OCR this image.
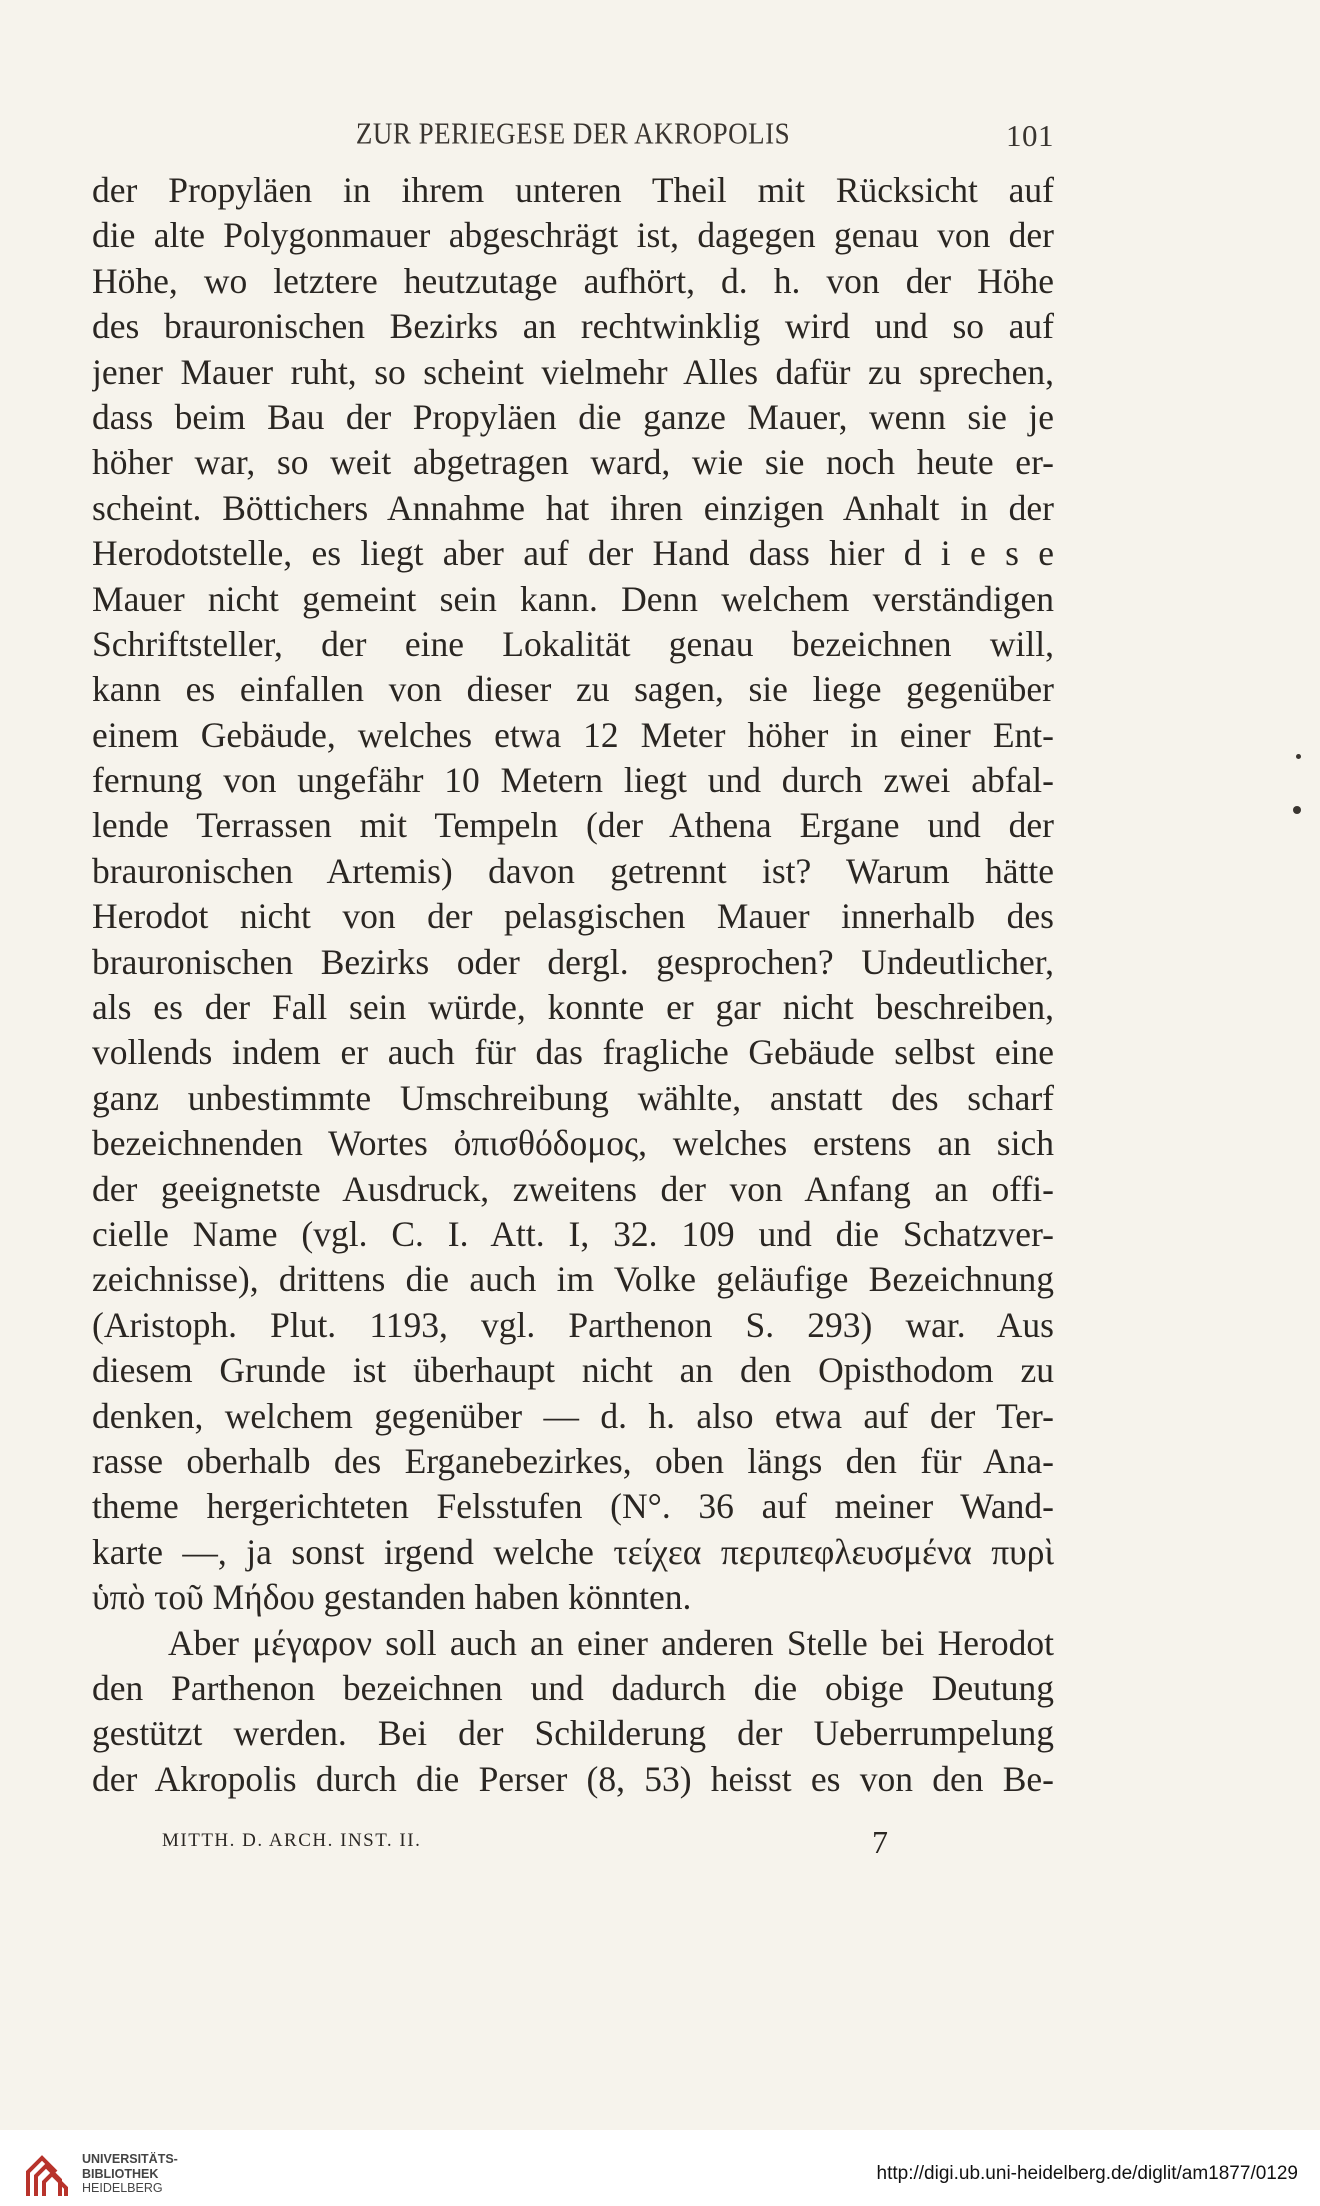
ZUR PERIEGESE DER AKROPOLIS	101
der Propyläen in ihrem unteren Theil mit Rücksicht auf
die alte Polygonmauer abgeschrägt ist, dagegen genau von der
Höhe, wo letztere heutzutage aufhört, d. h. von der Höhe
des brauronischen Bezirks an rechtwinklig wird und so auf
jener Mauer ruht, so scheint vielmehr Alles dafür zu sprechen,
dass beim Bau der Propyläen die ganze Mauer, wenn sie je
höher war, so weit abgetragen ward, wie sie noch heute er-
scheint. Böttichers Annahme hat ihren einzigen Anhalt in der
Herodotstelle, es liegt aber auf der Hand dass hier d i e s e
Mauer nicht gemeint sein kann. Denn welchem verständigen
Schriftsteller, der eine Lokalität genau bezeichnen will,
kann es einfallen von dieser zu sagen, sie liege gegenüber
einem Gebäude, welches etwa 12 Meter höher in einer Ent-
fernung von ungefähr 10 Metern liegt und durch zwei abfal-
lende Terrassen mit Tempeln (der Athena Ergane und der
brauronischen Artemis) davon getrennt ist? Warum hätte
Herodot nicht von der pelasgischen Mauer innerhalb des
brauronischen Bezirks oder dergl. gesprochen? Undeutlicher,
als es der Fall sein würde, konnte er gar nicht beschreiben,
vollends indem er auch für das fragliche Gebäude selbst eine
ganz unbestimmte Umschreibung wählte, anstatt des scharf
bezeichnenden Wortes ὀπισθόδομος, welches erstens an sich
der geeignetste Ausdruck, zweitens der von Anfang an offi-
cielle Name (vgl. C. I. Att. I, 32. 109 und die Schatzver-
zeichnisse), drittens die auch im Volke geläufige Bezeichnung
(Aristoph. Plut. 1193, vgl. Parthenon S. 293) war. Aus
diesem Grunde ist überhaupt nicht an den Opisthodom zu
denken, welchem gegenüber — d. h. also etwa auf der Ter-
rasse oberhalb des Erganebezirkes, oben längs den für Ana-
theme hergerichteten Felsstufen (N°. 36 auf meiner Wand-
karte —, ja sonst irgend welche τείχεα περιπεφλευσμένα πυρὶ
ὑπὸ τοῦ Μήδου gestanden haben könnten.
Aber μέγαρον soll auch an einer anderen Stelle bei Herodot
den Parthenon bezeichnen und dadurch die obige Deutung
gestützt werden. Bei der Schilderung der Ueberrumpelung
der Akropolis durch die Perser (8, 53) heisst es von den Be-
MITTH. D. ARCH. INST. II.	7
UNIVERSITÄTS-
BIBLIOTHEK
HEIDELBERG
http://digi.ub.uni-heidelberg.de/diglit/am1877/0129
